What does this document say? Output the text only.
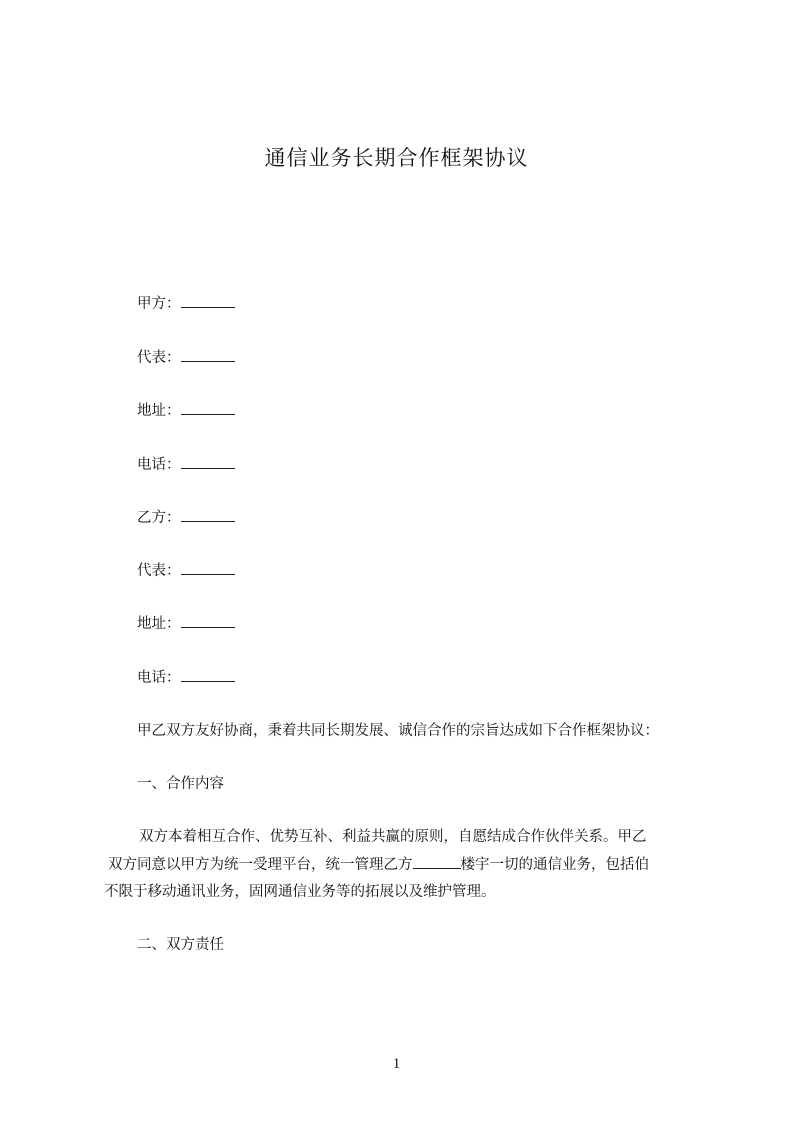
通信业务长期合作框架协议
甲方：
代表：
地址：
电话：
乙方：
代表：
地址：
电话：
甲乙双方友好协商，秉着共同长期发展、诚信合作的宗旨达成如下合作框架协议：
一、合作内容
双方本着相互合作、优势互补、利益共赢的原则，自愿结成合作伙伴关系。甲乙
双方同意以甲方为统一受理平台，统一管理乙方	楼宇一切的通信业务，包括伯
不限于移动通讯业务，固网通信业务等的拓展以及维护管理。
二、双方责任
1
